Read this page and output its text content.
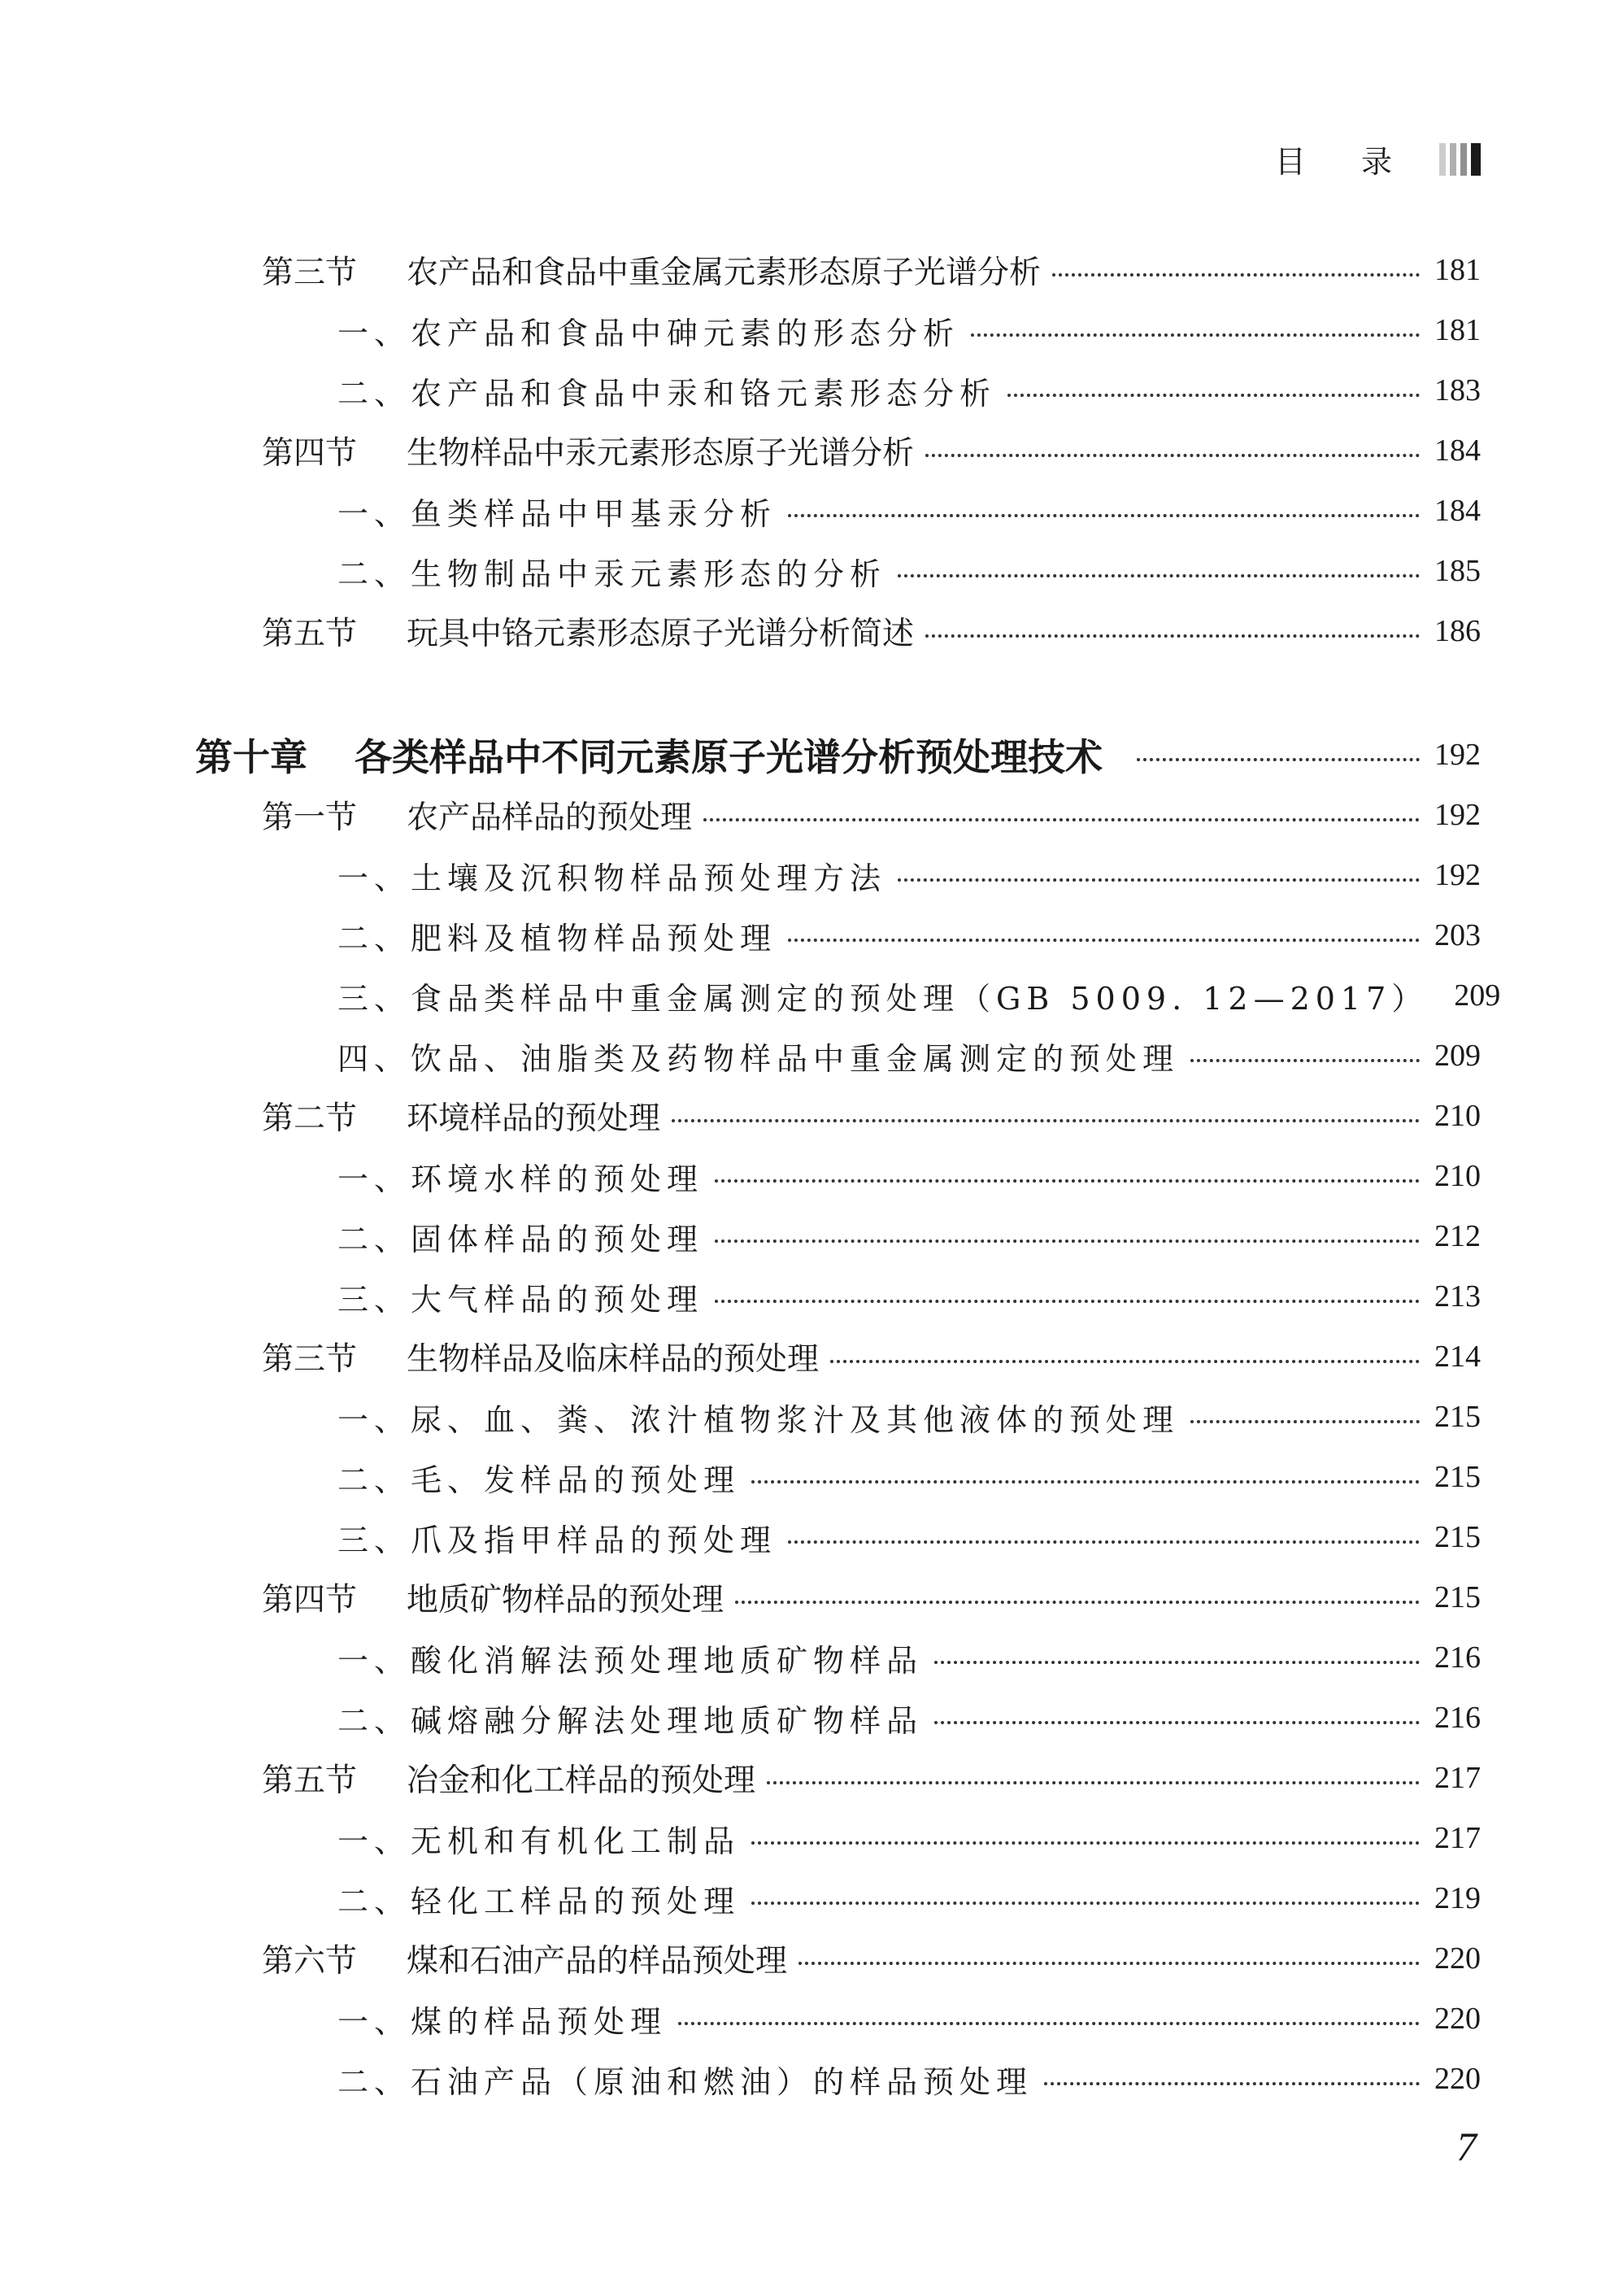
目 录
第三节 农产品和食品中重金属元素形态原子光谱分析	181
一、农产品和食品中砷元素的形态分析	181
二、农产品和食品中汞和铬元素形态分析	183
第四节 生物样品中汞元素形态原子光谱分析	184
一、鱼类样品中甲基汞分析	184
二、生物制品中汞元素形态的分析	185
第五节 玩具中铬元素形态原子光谱分析简述	186
第十章 各类样品中不同元素原子光谱分析预处理技术	192
第一节 农产品样品的预处理	192
一、土壤及沉积物样品预处理方法	192
二、肥料及植物样品预处理	203
三、食品类样品中重金属测定的预处理（GB 5009. 12—2017） 209
四、饮品、油脂类及药物样品中重金属测定的预处理	209
第二节 环境样品的预处理	210
一、环境水样的预处理	210
二、固体样品的预处理	212
三、大气样品的预处理	213
第三节 生物样品及临床样品的预处理	214
一、尿、血、粪、浓汁植物浆汁及其他液体的预处理	215
二、毛、发样品的预处理	215
三、爪及指甲样品的预处理	215
第四节 地质矿物样品的预处理	215
一、酸化消解法预处理地质矿物样品	216
二、碱熔融分解法处理地质矿物样品	216
第五节 冶金和化工样品的预处理	217
一、无机和有机化工制品	217
二、轻化工样品的预处理	219
第六节 煤和石油产品的样品预处理	220
一、煤的样品预处理	220
二、石油产品（原油和燃油）的样品预处理	220
7
